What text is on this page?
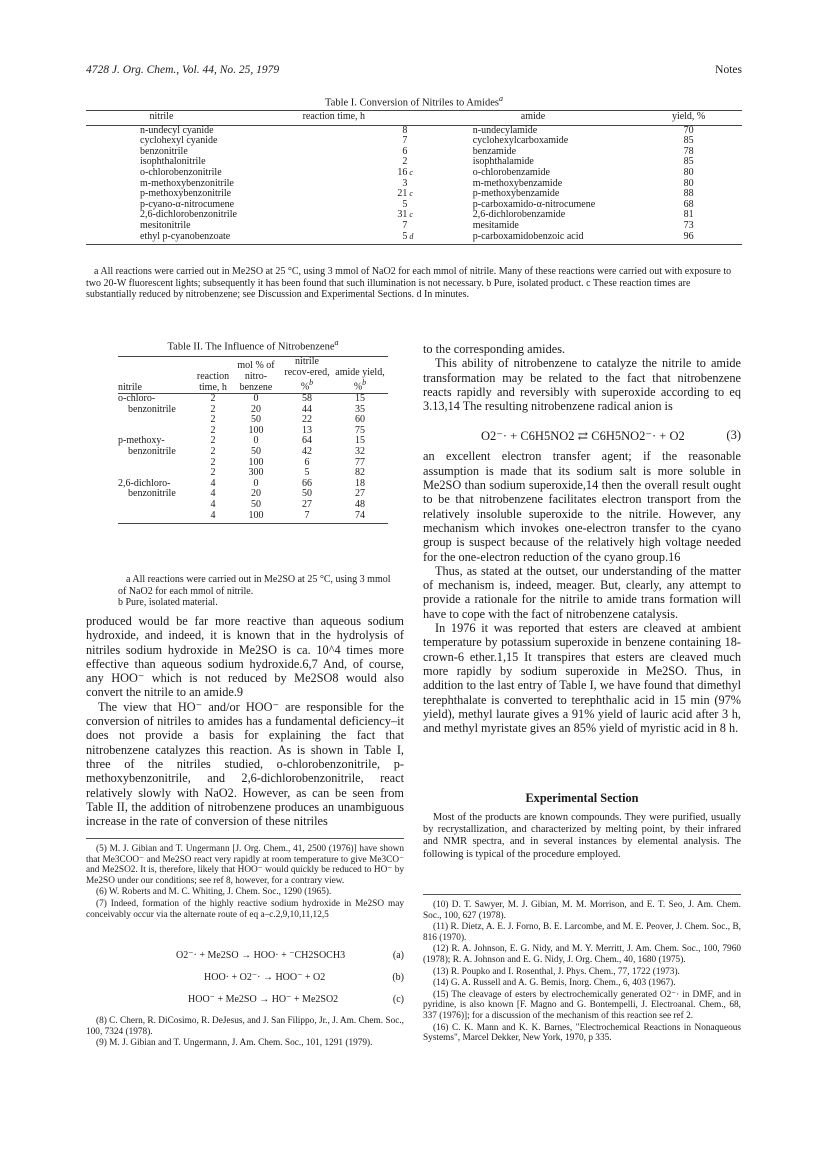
4728 J. Org. Chem., Vol. 44, No. 25, 1979	Notes
Table I. Conversion of Nitriles to Amides$^a$
nitrile	reaction time, h		amide	yield, %
n-undecyl cyanide	8		n-undecylamide	70
cyclohexyl cyanide	7		cyclohexylcarboxamide	85
benzonitrile	6		benzamide	78
isophthalonitrile	2		isophthalamide	85
o-chlorobenzonitrile	16	c	o-chlorobenzamide	80
m-methoxybenzonitrile	3		m-methoxybenzamide	80
p-methoxybenzonitrile	21	c	p-methoxybenzamide	88
p-cyano-α-nitrocumene	5		p-carboxamido-α-nitrocumene	68
2,6-dichlorobenzonitrile	31	c	2,6-dichlorobenzamide	81
mesitonitrile	7		mesitamide	73
ethyl p-cyanobenzoate	5	d	p-carboxamidobenzoic acid	96
a All reactions were carried out in Me2SO at 25 °C, using 3 mmol of NaO2 for each mmol of nitrile. Many of these reactions were carried out with exposure to two 20-W fluorescent lights; subsequently it has been found that such illumination is not necessary. b Pure, isolated product. c These reaction times are substantially reduced by nitrobenzene; see Discussion and Experimental Sections. d In minutes.
Table II. The Influence of Nitrobenzene$^a$
nitrile	reaction time, h	mol % of nitro-benzene	nitrile recov-ered, %$^b$	amide yield, %$^b$
o-chloro-	2	0	58	15
benzonitrile	2	20	44	35
	2	50	22	60
	2	100	13	75
p-methoxy-	2	0	64	15
benzonitrile	2	50	42	32
	2	100	6	77
	2	300	5	82
2,6-dichloro-	4	0	66	18
benzonitrile	4	20	50	27
	4	50	27	48
	4	100	7	74
a All reactions were carried out in Me2SO at 25 °C, using 3 mmol of NaO2 for each mmol of nitrile.
b Pure, isolated material.

produced would be far more reactive than aqueous sodium hydroxide, and indeed, it is known that in the hydrolysis of nitriles sodium hydroxide in Me2SO is ca. 10^4 times more effective than aqueous sodium hydroxide.6,7 And, of course, any HOO⁻ which is not reduced by Me2SO8 would also convert the nitrile to an amide.9

The view that HO⁻ and/or HOO⁻ are responsible for the conversion of nitriles to amides has a fundamental deficiency–it does not provide a basis for explaining the fact that nitrobenzene catalyzes this reaction. As is shown in Table I, three of the nitriles studied, o-chlorobenzonitrile, p-methoxybenzonitrile, and 2,6-dichlorobenzonitrile, react relatively slowly with NaO2. However, as can be seen from Table II, the addition of nitrobenzene produces an unambiguous increase in the rate of conversion of these nitriles

(5) M. J. Gibian and T. Ungermann [J. Org. Chem., 41, 2500 (1976)] have shown that Me3COO⁻ and Me2SO react very rapidly at room temperature to give Me3CO⁻ and Me2SO2. It is, therefore, likely that HOO⁻ would quickly be reduced to HO⁻ by Me2SO under our conditions; see ref 8, however, for a contrary view.

(6) W. Roberts and M. C. Whiting, J. Chem. Soc., 1290 (1965).

(7) Indeed, formation of the highly reactive sodium hydroxide in Me2SO may conceivably occur via the alternate route of eq a–c.2,9,10,11,12,5

O2⁻· + Me2SO → HOO· + ⁻CH2SOCH3	(a)
HOO· + O2⁻· → HOO⁻ + O2	(b)
HOO⁻ + Me2SO → HO⁻ + Me2SO2	(c)

(8) C. Chern, R. DiCosimo, R. DeJesus, and J. San Filippo, Jr., J. Am. Chem. Soc., 100, 7324 (1978).

(9) M. J. Gibian and T. Ungermann, J. Am. Chem. Soc., 101, 1291 (1979).

to the corresponding amides.

This ability of nitrobenzene to catalyze the nitrile to amide transformation may be related to the fact that nitrobenzene reacts rapidly and reversibly with superoxide according to eq 3.13,14 The resulting nitrobenzene radical anion is

an excellent electron transfer agent; if the reasonable assumption is made that its sodium salt is more soluble in Me2SO than sodium superoxide,14 then the overall result ought to be that nitrobenzene facilitates electron transport from the relatively insoluble superoxide to the nitrile. However, any mechanism which invokes one-electron transfer to the cyano group is suspect because of the relatively high voltage needed for the one-electron reduction of the cyano group.16

Thus, as stated at the outset, our understanding of the matter of mechanism is, indeed, meager. But, clearly, any attempt to provide a rationale for the nitrile to amide trans formation will have to cope with the fact of nitrobenzene catalysis.

In 1976 it was reported that esters are cleaved at ambient temperature by potassium superoxide in benzene containing 18-crown-6 ether.1,15 It transpires that esters are cleaved much more rapidly by sodium superoxide in Me2SO. Thus, in addition to the last entry of Table I, we have found that dimethyl terephthalate is converted to terephthalic acid in 15 min (97% yield), methyl laurate gives a 91% yield of lauric acid after 3 h, and methyl myristate gives an 85% yield of myristic acid in 8 h.

O2⁻· + C6H5NO2 ⇄ C6H5NO2⁻· + O2	(3)
Experimental Section

Most of the products are known compounds. They were purified, usually by recrystallization, and characterized by melting point, by their infrared and NMR spectra, and in several instances by elemental analysis. The following is typical of the procedure employed.

(10) D. T. Sawyer, M. J. Gibian, M. M. Morrison, and E. T. Seo, J. Am. Chem. Soc., 100, 627 (1978).

(11) R. Dietz, A. E. J. Forno, B. E. Larcombe, and M. E. Peover, J. Chem. Soc., B, 816 (1970).

(12) R. A. Johnson, E. G. Nidy, and M. Y. Merritt, J. Am. Chem. Soc., 100, 7960 (1978); R. A. Johnson and E. G. Nidy, J. Org. Chem., 40, 1680 (1975).

(13) R. Poupko and I. Rosenthal, J. Phys. Chem., 77, 1722 (1973).

(14) G. A. Russell and A. G. Bemis, Inorg. Chem., 6, 403 (1967).

(15) The cleavage of esters by electrochemically generated O2⁻· in DMF, and in pyridine, is also known [F. Magno and G. Bontempelli, J. Electroanal. Chem., 68, 337 (1976)]; for a discussion of the mechanism of this reaction see ref 2.

(16) C. K. Mann and K. K. Barnes, "Electrochemical Reactions in Nonaqueous Systems", Marcel Dekker, New York, 1970, p 335.
